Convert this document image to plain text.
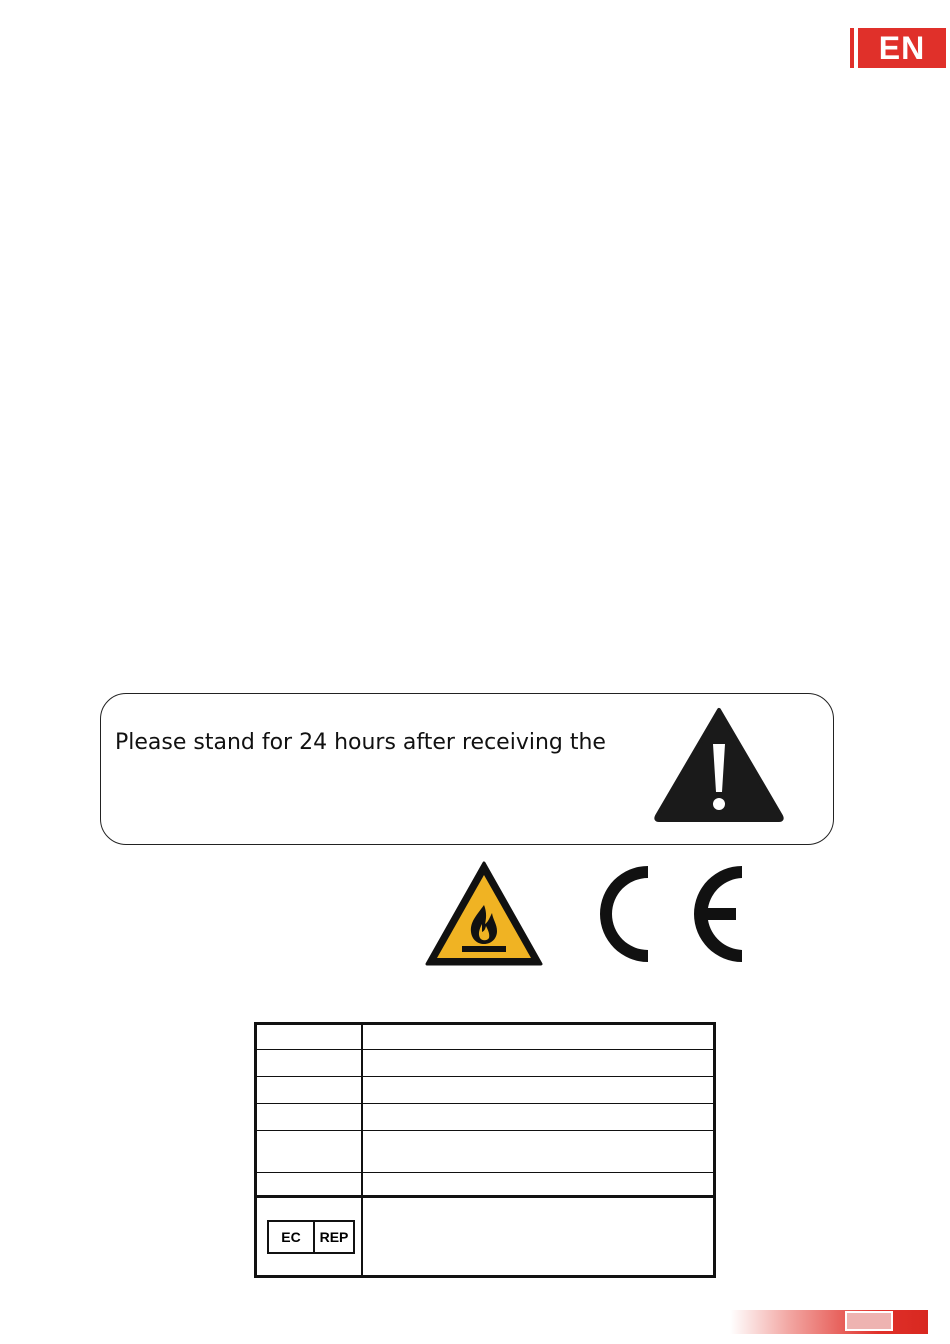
EN
Please stand for 24 hours after receiving the

EC REP	
